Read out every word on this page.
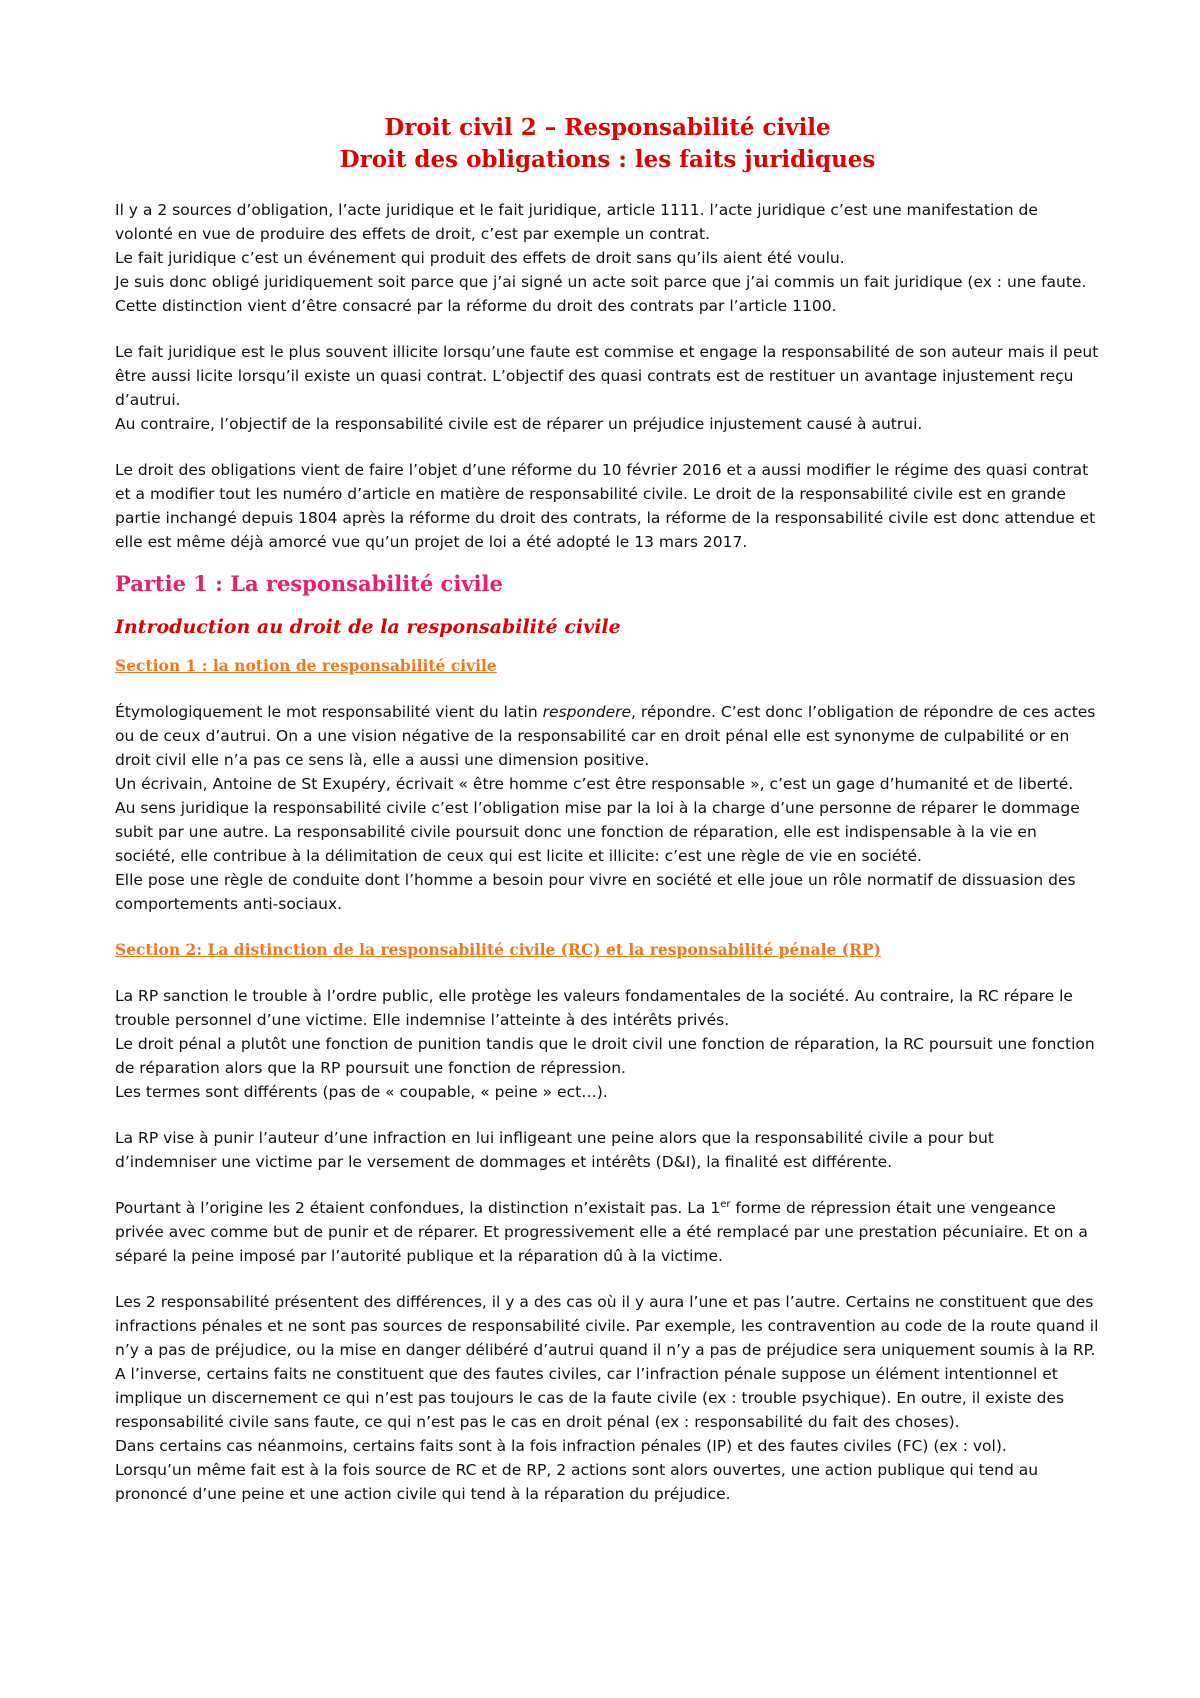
Droit civil 2 – Responsabilité civile
Droit des obligations : les faits juridiques

Il y a 2 sources d’obligation, l’acte juridique et le fait juridique, article 1111. l’acte juridique c’est une manifestation de volonté en vue de produire des effets de droit, c’est par exemple un contrat.

Le fait juridique c’est un événement qui produit des effets de droit sans qu’ils aient été voulu.

Je suis donc obligé juridiquement soit parce que j’ai signé un acte soit parce que j’ai commis un fait juridique (ex : une faute. Cette distinction vient d’être consacré par la réforme du droit des contrats par l’article 1100.

Le fait juridique est le plus souvent illicite lorsqu’une faute est commise et engage la responsabilité de son auteur mais il peut être aussi licite lorsqu’il existe un quasi contrat. L’objectif des quasi contrats est de restituer un avantage injustement reçu d’autrui.

Au contraire, l’objectif de la responsabilité civile est de réparer un préjudice injustement causé à autrui.

Le droit des obligations vient de faire l’objet d’une réforme du 10 février 2016 et a aussi modifier le régime des quasi contrat et a modifier tout les numéro d’article en matière de responsabilité civile. Le droit de la responsabilité civile est en grande partie inchangé depuis 1804 après la réforme du droit des contrats, la réforme de la responsabilité civile est donc attendue et elle est même déjà amorcé vue qu’un projet de loi a été adopté le 13 mars 2017.

Partie 1 : La responsabilité civile
Introduction au droit de la responsabilité civile
Section 1 : la notion de responsabilité civile

Étymologiquement le mot responsabilité vient du latin respondere, répondre. C’est donc l’obligation de répondre de ces actes ou de ceux d’autrui. On a une vision négative de la responsabilité car en droit pénal elle est synonyme de culpabilité or en droit civil elle n’a pas ce sens là, elle a aussi une dimension positive.

Un écrivain, Antoine de St Exupéry, écrivait « être homme c’est être responsable », c’est un gage d’humanité et de liberté.

Au sens juridique la responsabilité civile c’est l’obligation mise par la loi à la charge d’une personne de réparer le dommage subit par une autre. La responsabilité civile poursuit donc une fonction de réparation, elle est indispensable à la vie en société, elle contribue à la délimitation de ceux qui est licite et illicite: c’est une règle de vie en société.

Elle pose une règle de conduite dont l’homme a besoin pour vivre en société et elle joue un rôle normatif de dissuasion des comportements anti-sociaux.

Section 2: La distinction de la responsabilité civile (RC) et la responsabilité pénale (RP)

La RP sanction le trouble à l’ordre public, elle protège les valeurs fondamentales de la société. Au contraire, la RC répare le trouble personnel d’une victime. Elle indemnise l’atteinte à des intérêts privés.

Le droit pénal a plutôt une fonction de punition tandis que le droit civil une fonction de réparation, la RC poursuit une fonction de réparation alors que la RP poursuit une fonction de répression.

Les termes sont différents (pas de « coupable, « peine » ect…).

La RP vise à punir l’auteur d’une infraction en lui infligeant une peine alors que la responsabilité civile a pour but d’indemniser une victime par le versement de dommages et intérêts (D&I), la finalité est différente.

Pourtant à l’origine les 2 étaient confondues, la distinction n’existait pas. La 1er forme de répression était une vengeance privée avec comme but de punir et de réparer. Et progressivement elle a été remplacé par une prestation pécuniaire. Et on a séparé la peine imposé par l’autorité publique et la réparation dû à la victime.

Les 2 responsabilité présentent des différences, il y a des cas où il y aura l’une et pas l’autre. Certains ne constituent que des infractions pénales et ne sont pas sources de responsabilité civile. Par exemple, les contravention au code de la route quand il n’y a pas de préjudice, ou la mise en danger délibéré d’autrui quand il n’y a pas de préjudice sera uniquement soumis à la RP.

A l’inverse, certains faits ne constituent que des fautes civiles, car l’infraction pénale suppose un élément intentionnel et implique un discernement ce qui n’est pas toujours le cas de la faute civile (ex : trouble psychique). En outre, il existe des responsabilité civile sans faute, ce qui n’est pas le cas en droit pénal (ex : responsabilité du fait des choses).

Dans certains cas néanmoins, certains faits sont à la fois infraction pénales (IP) et des fautes civiles (FC) (ex : vol).

Lorsqu’un même fait est à la fois source de RC et de RP, 2 actions sont alors ouvertes, une action publique qui tend au prononcé d’une peine et une action civile qui tend à la réparation du préjudice.
